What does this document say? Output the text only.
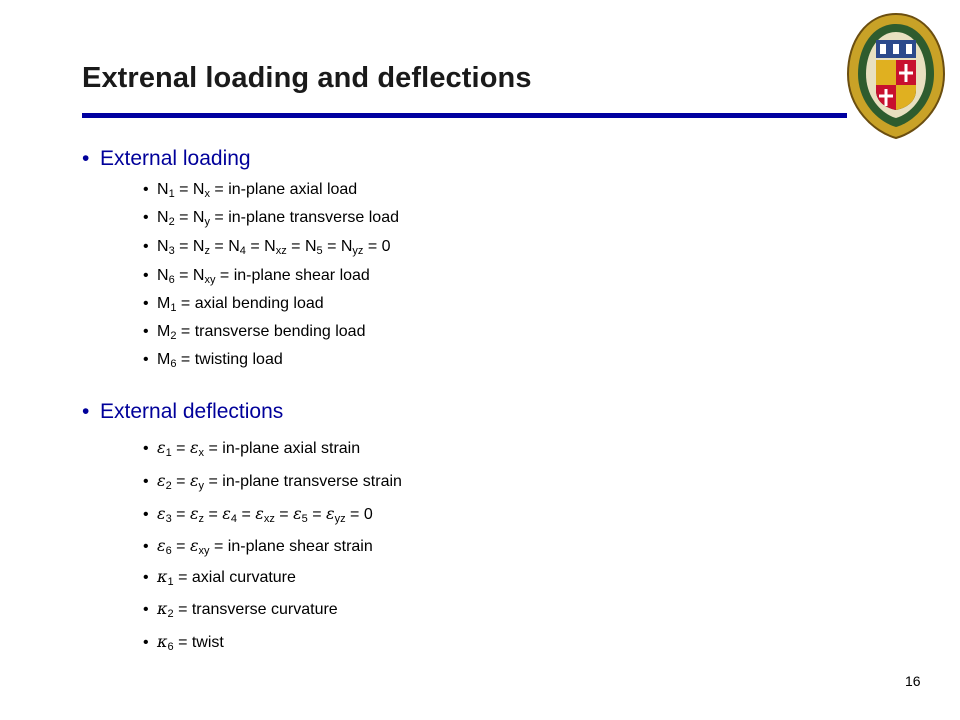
Extrenal loading and deflections
• External loading
• $N_1 = N_x$ = in-plane axial load
• $N_2 = N_y$ = in-plane transverse load
• $N_3 = N_z = N_4 = N_{xz} = N_5 = N_{yz} = 0$
• $N_6 = N_{xy}$ = in-plane shear load
• $M_1$ = axial bending load
• $M_2$ = transverse bending load
• $M_6$ = twisting load
• External deflections
• $\varepsilon_1 = \varepsilon_x$ = in-plane axial strain
• $\varepsilon_2 = \varepsilon_y$ = in-plane transverse strain
• $\varepsilon_3 = \varepsilon_z = \varepsilon_4 = \varepsilon_{xz} = \varepsilon_5 = \varepsilon_{yz} = 0$
• $\varepsilon_6 = \varepsilon_{xy}$ = in-plane shear strain
• $\kappa_1$ = axial curvature
• $\kappa_2$ = transverse curvature
• $\kappa_6$ = twist
16
